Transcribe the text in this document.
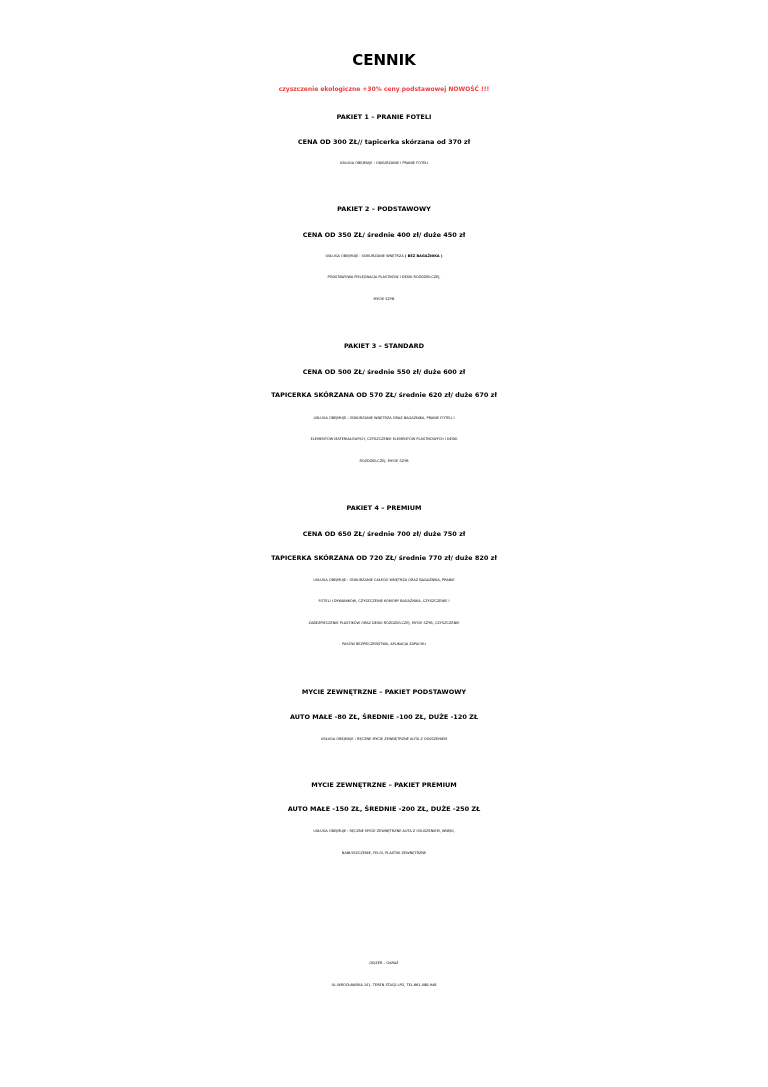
CENNIK
czyszczenie ekologiczne +30% ceny podstawowej NOWOŚĆ !!!
PAKIET 1 – PRANIE FOTELI
CENA OD 300 ZŁ// tapicerka skórzana od 370 zł
USŁUGA OBEJMUJE : ODKURZANIE I PRANIE FOTELI
PAKIET 2 – PODSTAWOWY
CENA OD 350 ZŁ/ średnie 400 zł/ duże 450 zł
USŁUGA OBEJMUJE : ODKURZANIE WNĘTRZA ( BEZ BAGAŻNIKA )
PODSTAWOWA PIELĘGNACJA PLASTIKÓW I DESKI ROZDZIELCZEJ,
MYCIE SZYB
PAKIET 3 – STANDARD
CENA OD 500 ZŁ/ średnie 550 zł/ duże 600 zł
TAPICERKA SKÓRZANA OD 570 ZŁ/ średnie 620 zł/ duże 670 zł
USŁUGA OBEJMUJE : ODKURZANIE WNĘTRZA ORAZ BAGAŻNIKA, PRANIE FOTELI I
ELEMENTÓW MATERIAŁOWYCH, CZYSZCZENIE ELEMENTÓW PLASTIKOWYCH I DESKI
ROZDZIELCZEJ, MYCIE SZYB
PAKIET 4 – PREMIUM
CENA OD 650 ZŁ/ średnie 700 zł/ duże 750 zł
TAPICERKA SKÓRZANA OD 720 ZŁ/ średnie 770 zł/ duże 820 zł
USŁUGA OBEJMUJE : ODKURZANIE CAŁEGO WNĘTRZA ORAZ BAGAŻNIKA, PRANIE
FOTELI I DYWANIKÓW, CZYSZCZENIE KOMORY BAGAŻNIKA, CZYSZCZENIE I
ZABEZPIECZENIE PLASTIKÓW ORAZ DESKI ROZDZIELCZEJ, MYCIE SZYB, CZYSZCZENIE
PASÓW BEZPIECZEŃSTWA, APLIKACJA ZAPACHU
MYCIE ZEWNĘTRZNE – PAKIET PODSTAWOWY
AUTO MAŁE -80 ZŁ, ŚREDNIE -100 ZŁ, DUŻE -120 ZŁ
USŁUGA OBEJMUJE : RĘCZNE MYCIE ZEWNĘTRZNE AUTA Z OSUSZENIEM
MYCIE ZEWNĘTRZNE – PAKIET PREMIUM
AUTO MAŁE -150 ZŁ, ŚREDNIE -200 ZŁ, DUŻE -250 ZŁ
USŁUGA OBEJMUJE : RĘCZNE MYCIE ZEWNĘTRZNE AUTA Z OSUSZENIEM, WNĘKI,
NABŁYSZCZENIE, FELGI, PLASTIKI ZEWNĘTRZNE
GEJZER – GARAŻ
UL.WROCŁAWSKA 101, TEREN STACJI LPG, TEL.661-088-948
